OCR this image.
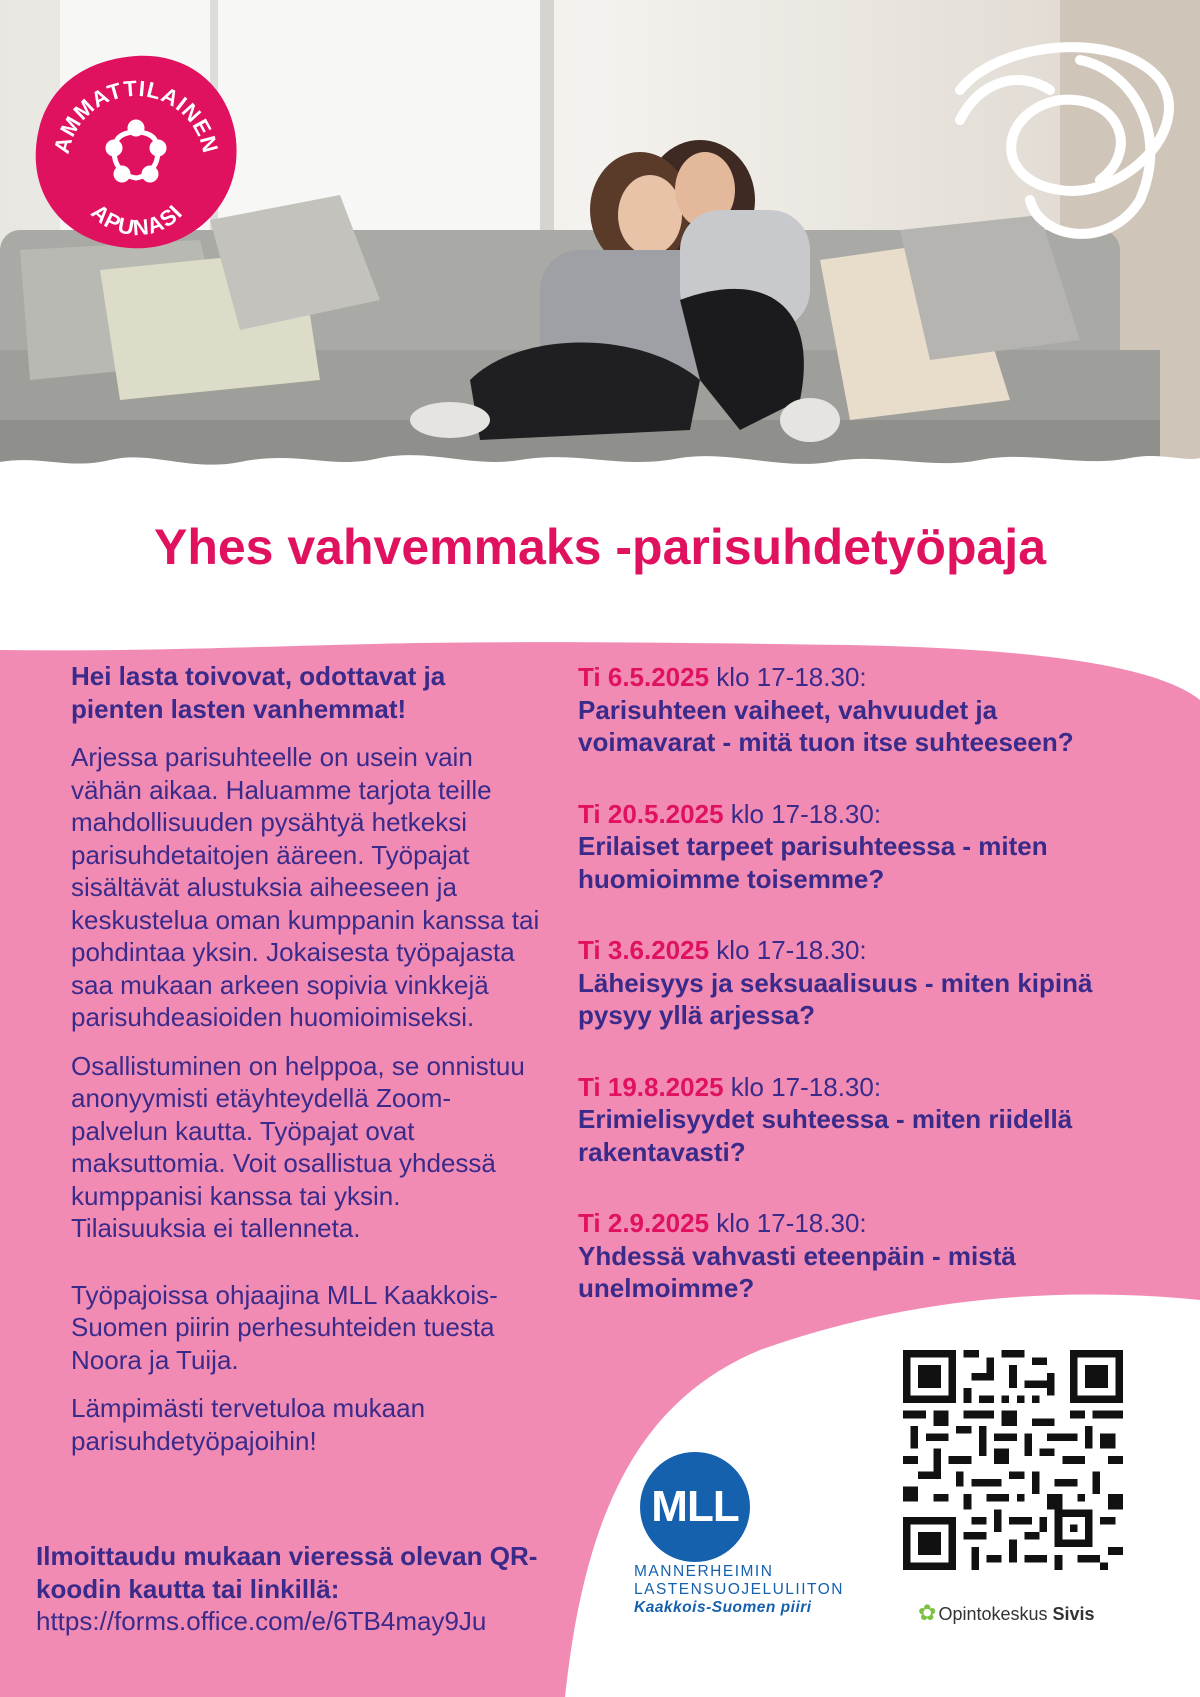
AMMATTILAINEN
APUNASI
Yhes vahvemmaks -parisuhdetyöpaja

Hei lasta toivovat, odottavat ja pienten lasten vanhemmat!

Arjessa parisuhteelle on usein vain vähän aikaa. Haluamme tarjota teille mahdollisuuden pysähtyä hetkeksi parisuhdetaitojen ääreen. Työpajat sisältävät alustuksia aiheeseen ja keskustelua oman kumppanin kanssa tai pohdintaa yksin. Jokaisesta työpajasta saa mukaan arkeen sopivia vinkkejä parisuhdeasioiden huomioimiseksi.

Osallistuminen on helppoa, se onnistuu anonyymisti etäyhteydellä Zoom-palvelun kautta. Työpajat ovat maksuttomia. Voit osallistua yhdessä kumppanisi kanssa tai yksin. Tilaisuuksia ei tallenneta.

Työpajoissa ohjaajina MLL Kaakkois-Suomen piirin perhesuhteiden tuesta Noora ja Tuija.

Lämpimästi tervetuloa mukaan parisuhdetyöpajoihin!

Ilmoittaudu mukaan vieressä olevan QR-koodin kautta tai linkillä:
https://forms.office.com/e/6TB4may9Ju
Ti 6.5.2025 klo 17-18.30:
Parisuhteen vaiheet, vahvuudet ja voimavarat - mitä tuon itse suhteeseen?
Ti 20.5.2025 klo 17-18.30:
Erilaiset tarpeet parisuhteessa - miten huomioimme toisemme?
Ti 3.6.2025 klo 17-18.30:
Läheisyys ja seksuaalisuus - miten kipinä pysyy yllä arjessa?
Ti 19.8.2025 klo 17-18.30:
Erimielisyydet suhteessa - miten riidellä rakentavasti?
Ti 2.9.2025 klo 17-18.30:
Yhdessä vahvasti eteenpäin - mistä unelmoimme?
MLL
MANNERHEIMIN
LASTENSUOJELULIITON
Kaakkois-Suomen piiri	✿ Opintokeskus Sivis
